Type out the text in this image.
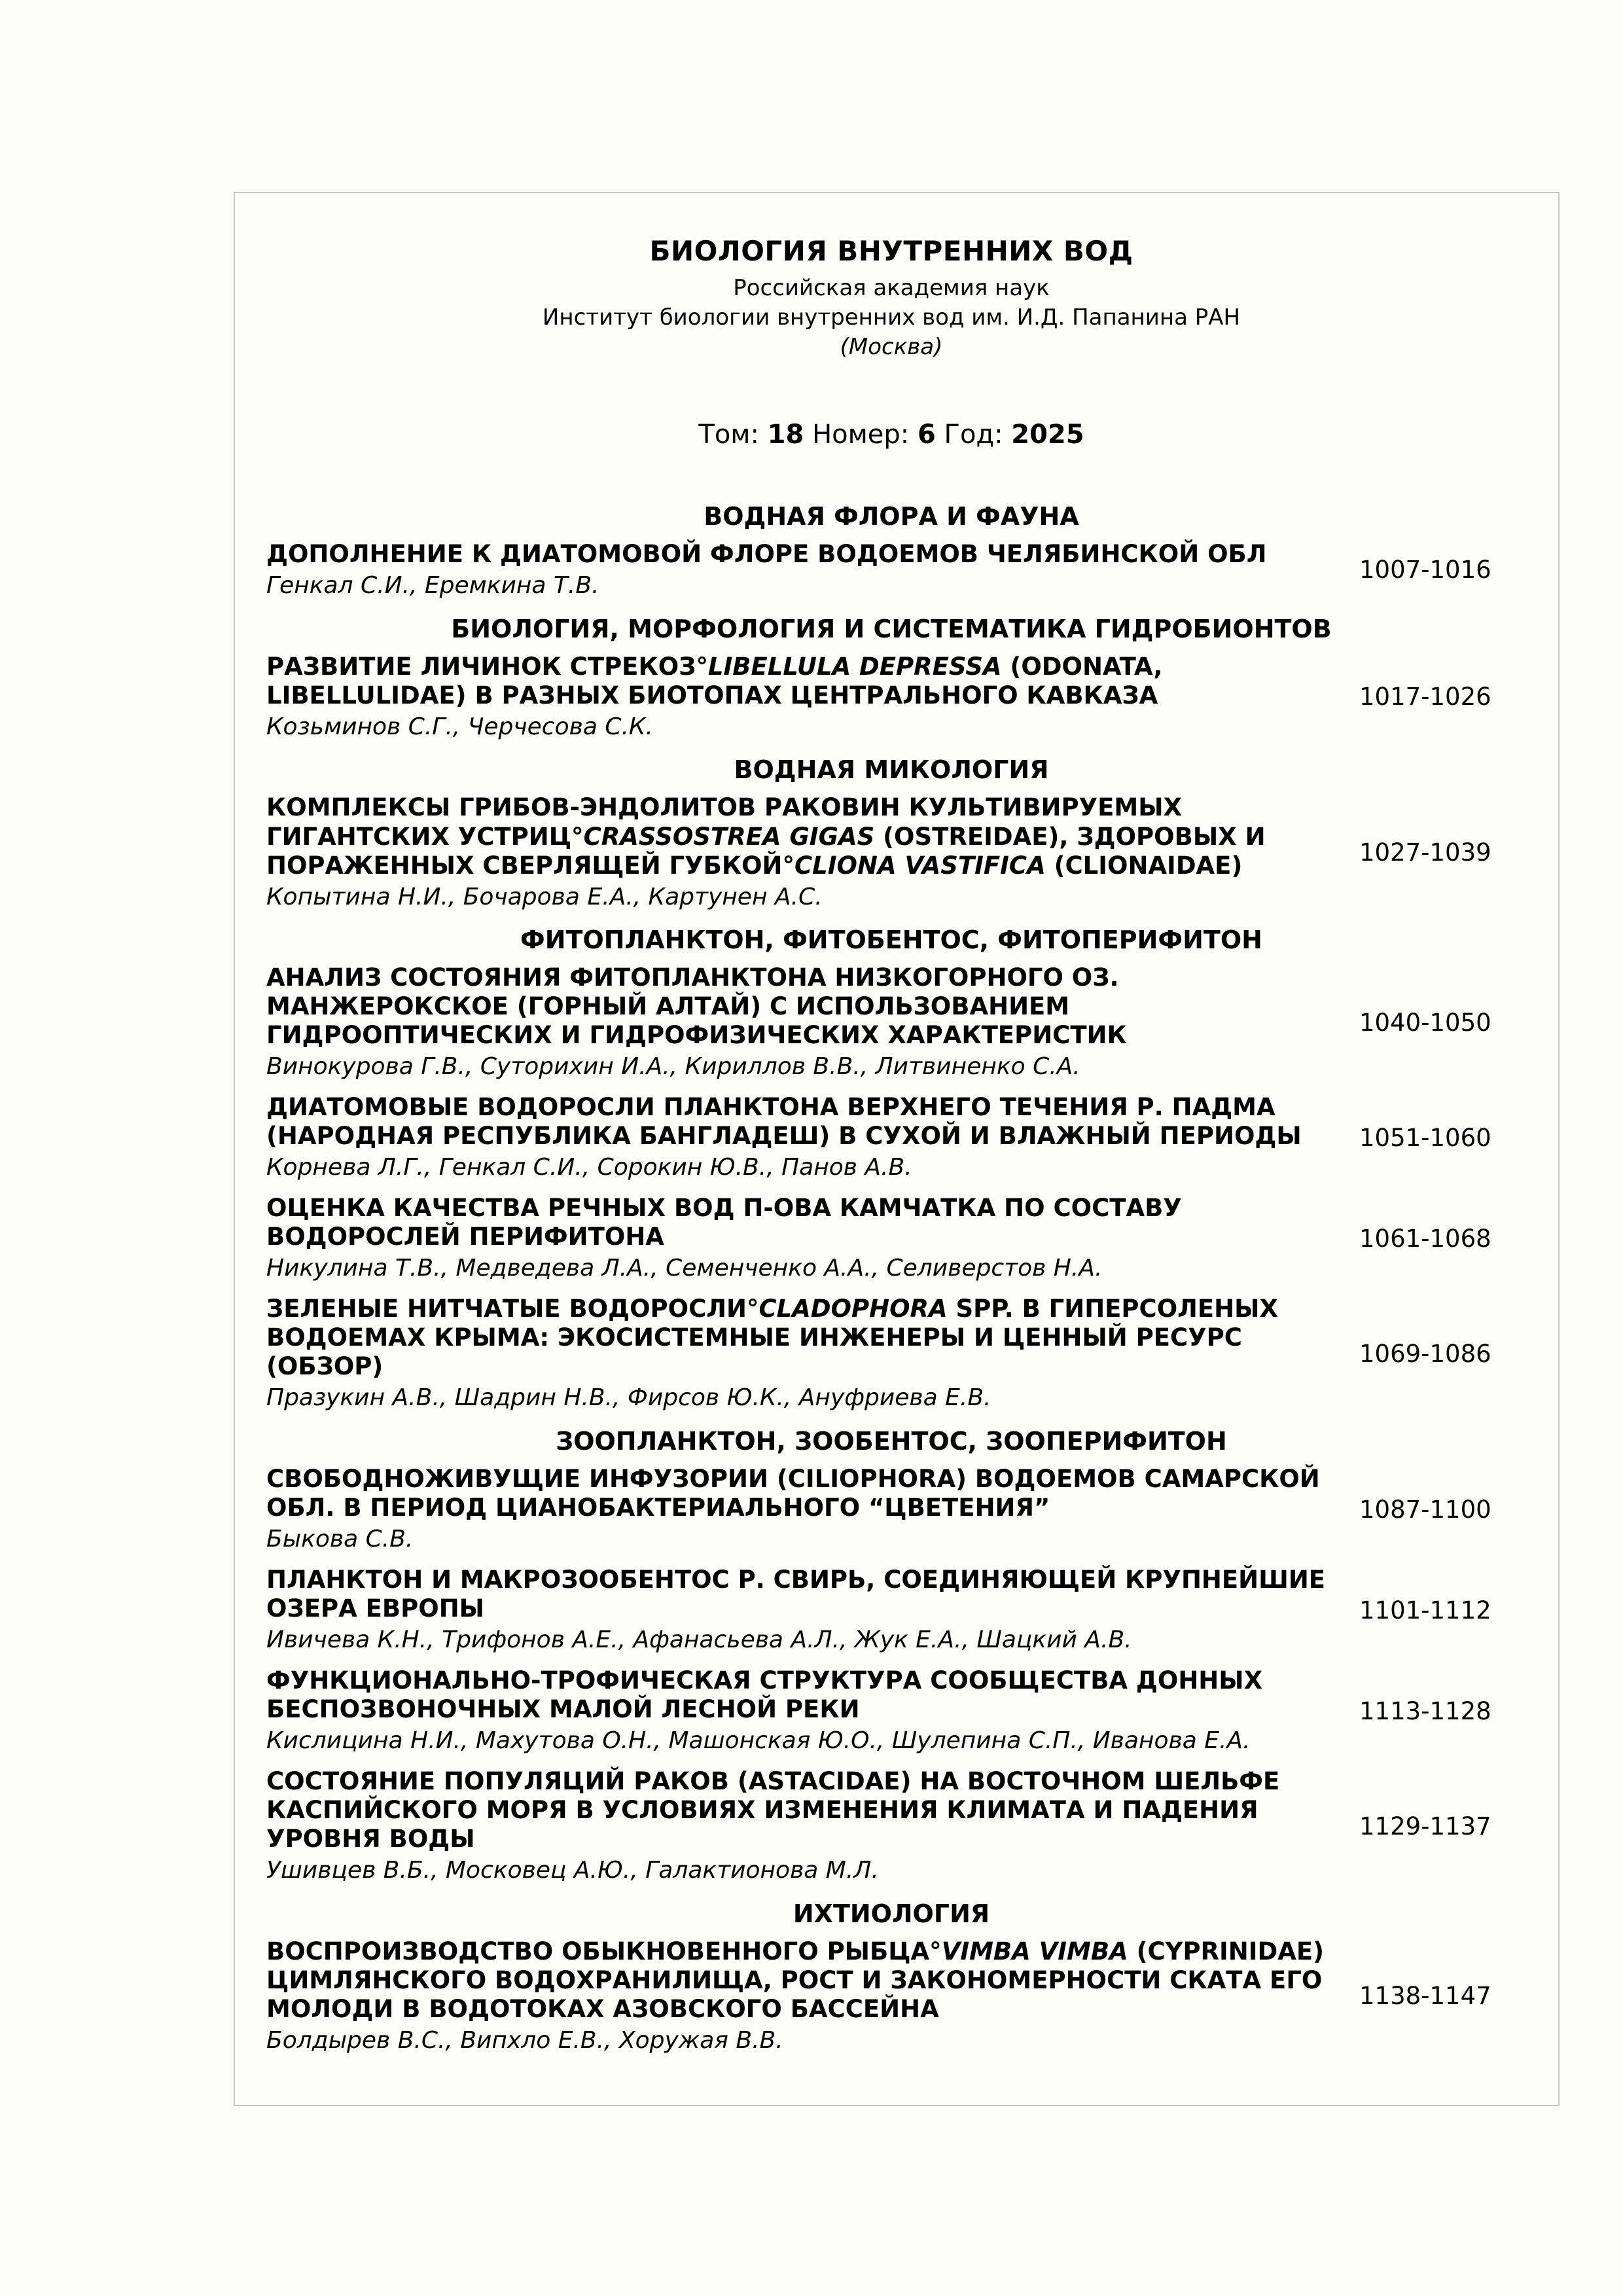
БИОЛОГИЯ ВНУТРЕННИХ ВОД
Российская академия наук
Институт биологии внутренних вод им. И.Д. Папанина РАН
(Москва)
Том: 18 Номер: 6 Год: 2025
ВОДНАЯ ФЛОРА И ФАУНА
ДОПОЛНЕНИЕ К ДИАТОМОВОЙ ФЛОРЕ ВОДОЕМОВ ЧЕЛЯБИНСКОЙ ОБЛ
Генкал С.И., Еремкина Т.В.
1007-1016
БИОЛОГИЯ, МОРФОЛОГИЯ И СИСТЕМАТИКА ГИДРОБИОНТОВ
РАЗВИТИЕ ЛИЧИНОК СТРЕКОЗ°LIBELLULA DEPRESSA (ODONATA, LIBELLULIDAE) В РАЗНЫХ БИОТОПАХ ЦЕНТРАЛЬНОГО КАВКАЗА
Козьминов С.Г., Черчесова С.К.
1017-1026
ВОДНАЯ МИКОЛОГИЯ
КОМПЛЕКСЫ ГРИБОВ-ЭНДОЛИТОВ РАКОВИН КУЛЬТИВИРУЕМЫХ ГИГАНТСКИХ УСТРИЦ°CRASSOSTREA GIGAS (OSTREIDAE), ЗДОРОВЫХ И ПОРАЖЕННЫХ СВЕРЛЯЩЕЙ ГУБКОЙ°CLIONA VASTIFICA (CLIONAIDAE)
Копытина Н.И., Бочарова Е.А., Картунен А.С.
1027-1039
ФИТОПЛАНКТОН, ФИТОБЕНТОС, ФИТОПЕРИФИТОН
АНАЛИЗ СОСТОЯНИЯ ФИТОПЛАНКТОНА НИЗКОГОРНОГО ОЗ. МАНЖЕРОКСКОЕ (ГОРНЫЙ АЛТАЙ) С ИСПОЛЬЗОВАНИЕМ ГИДРООПТИЧЕСКИХ И ГИДРОФИЗИЧЕСКИХ ХАРАКТЕРИСТИК
Винокурова Г.В., Суторихин И.А., Кириллов В.В., Литвиненко С.А.
1040-1050
ДИАТОМОВЫЕ ВОДОРОСЛИ ПЛАНКТОНА ВЕРХНЕГО ТЕЧЕНИЯ Р. ПАДМА (НАРОДНАЯ РЕСПУБЛИКА БАНГЛАДЕШ) В СУХОЙ И ВЛАЖНЫЙ ПЕРИОДЫ
Корнева Л.Г., Генкал С.И., Сорокин Ю.В., Панов А.В.
1051-1060
ОЦЕНКА КАЧЕСТВА РЕЧНЫХ ВОД П-ОВА КАМЧАТКА ПО СОСТАВУ ВОДОРОСЛЕЙ ПЕРИФИТОНА
Никулина Т.В., Медведева Л.А., Семенченко А.А., Селиверстов Н.А.
1061-1068
ЗЕЛЕНЫЕ НИТЧАТЫЕ ВОДОРОСЛИ°CLADOPHORA SPP. В ГИПЕРСОЛЕНЫХ ВОДОЕМАХ КРЫМА: ЭКОСИСТЕМНЫЕ ИНЖЕНЕРЫ И ЦЕННЫЙ РЕСУРС (ОБЗОР)
Празукин А.В., Шадрин Н.В., Фирсов Ю.К., Ануфриева Е.В.
1069-1086
ЗООПЛАНКТОН, ЗООБЕНТОС, ЗООПЕРИФИТОН
СВОБОДНОЖИВУЩИЕ ИНФУЗОРИИ (CILIOPHORA) ВОДОЕМОВ САМАРСКОЙ ОБЛ. В ПЕРИОД ЦИАНОБАКТЕРИАЛЬНОГО “ЦВЕТЕНИЯ”
Быкова С.В.
1087-1100
ПЛАНКТОН И МАКРОЗООБЕНТОС Р. СВИРЬ, СОЕДИНЯЮЩЕЙ КРУПНЕЙШИЕ ОЗЕРА ЕВРОПЫ
Ивичева К.Н., Трифонов А.Е., Афанасьева А.Л., Жук Е.А., Шацкий А.В.
1101-1112
ФУНКЦИОНАЛЬНО-ТРОФИЧЕСКАЯ СТРУКТУРА СООБЩЕСТВА ДОННЫХ БЕСПОЗВОНОЧНЫХ МАЛОЙ ЛЕСНОЙ РЕКИ
Кислицина Н.И., Махутова О.Н., Машонская Ю.О., Шулепина С.П., Иванова Е.А.
1113-1128
СОСТОЯНИЕ ПОПУЛЯЦИЙ РАКОВ (ASTACIDAE) НА ВОСТОЧНОМ ШЕЛЬФЕ КАСПИЙСКОГО МОРЯ В УСЛОВИЯХ ИЗМЕНЕНИЯ КЛИМАТА И ПАДЕНИЯ УРОВНЯ ВОДЫ
Ушивцев В.Б., Московец А.Ю., Галактионова М.Л.
1129-1137
ИХТИОЛОГИЯ
ВОСПРОИЗВОДСТВО ОБЫКНОВЕННОГО РЫБЦА°VIMBA VIMBA (CYPRINIDAE) ЦИМЛЯНСКОГО ВОДОХРАНИЛИЩА, РОСТ И ЗАКОНОМЕРНОСТИ СКАТА ЕГО МОЛОДИ В ВОДОТОКАХ АЗОВСКОГО БАССЕЙНА
Болдырев В.С., Випхло Е.В., Хоружая В.В.
1138-1147
